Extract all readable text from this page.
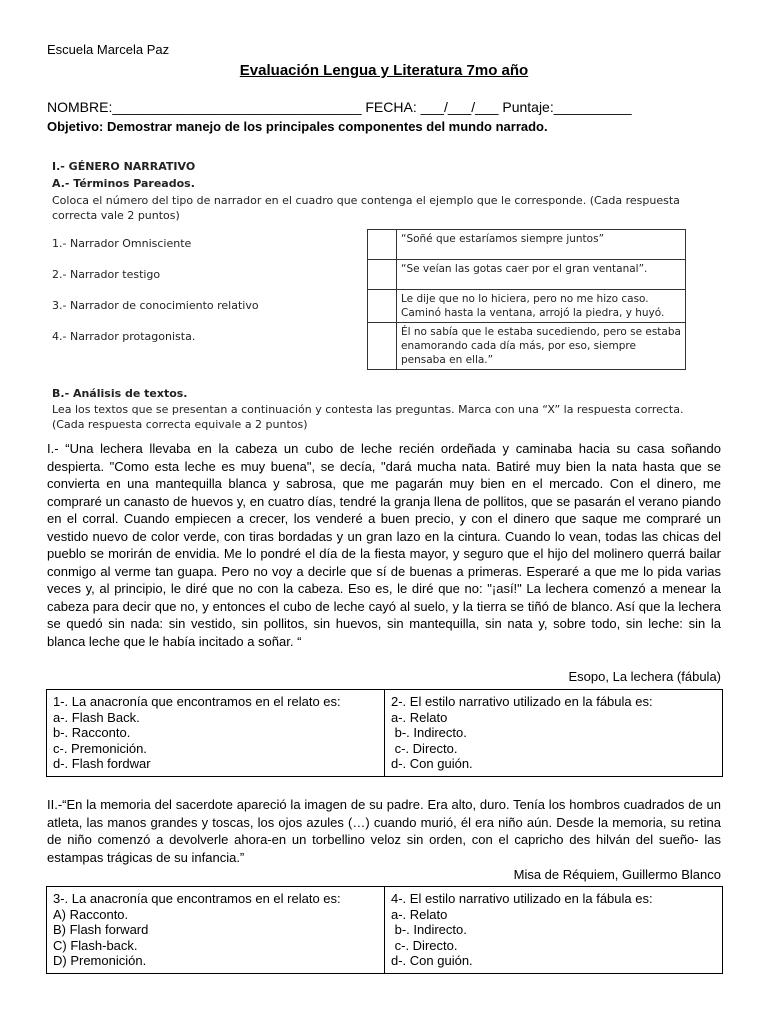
Escuela Marcela Paz
Evaluación Lengua y Literatura 7mo año
NOMBRE:________________________________ FECHA: ___/___/___ Puntaje:__________
Objetivo: Demostrar manejo de los principales componentes del mundo narrado.
I.- GÉNERO NARRATIVO
A.- Términos Pareados.
Coloca el número del tipo de narrador en el cuadro que contenga el ejemplo que le corresponde. (Cada respuesta correcta vale 2 puntos)
1.- Narrador Omnisciente
2.- Narrador testigo
3.- Narrador de conocimiento relativo
4.- Narrador protagonista.
	“Soñé que estaríamos siempre juntos”
	“Se veían las gotas caer por el gran ventanal”.
	Le dije que no lo hiciera, pero no me hizo caso. Caminó hasta la ventana, arrojó la piedra, y huyó.
	Él no sabía que le estaba sucediendo, pero se estaba enamorando cada día más, por eso, siempre pensaba en ella.”
B.- Análisis de textos.
Lea los textos que se presentan a continuación y contesta las preguntas. Marca con una “X” la respuesta correcta. (Cada respuesta correcta equivale a 2 puntos)
I.- “Una lechera llevaba en la cabeza un cubo de leche recién ordeñada y caminaba hacia su casa soñando despierta. "Como esta leche es muy buena", se decía, "dará mucha nata. Batiré muy bien la nata hasta que se convierta en una mantequilla blanca y sabrosa, que me pagarán muy bien en el mercado. Con el dinero, me compraré un canasto de huevos y, en cuatro días, tendré la granja llena de pollitos, que se pasarán el verano piando en el corral. Cuando empiecen a crecer, los venderé a buen precio, y con el dinero que saque me compraré un vestido nuevo de color verde, con tiras bordadas y un gran lazo en la cintura. Cuando lo vean, todas las chicas del pueblo se morirán de envidia. Me lo pondré el día de la fiesta mayor, y seguro que el hijo del molinero querrá bailar conmigo al verme tan guapa. Pero no voy a decirle que sí de buenas a primeras. Esperaré a que me lo pida varias veces y, al principio, le diré que no con la cabeza. Eso es, le diré que no: "¡así!" La lechera comenzó a menear la cabeza para decir que no, y entonces el cubo de leche cayó al suelo, y la tierra se tiñó de blanco. Así que la lechera se quedó sin nada: sin vestido, sin pollitos, sin huevos, sin mantequilla, sin nata y, sobre todo, sin leche: sin la blanca leche que le había incitado a soñar. “
Esopo, La lechera (fábula)
1-. La anacronía que encontramos en el relato es:
a-. Flash Back.
b-. Racconto.
c-. Premonición.
d-. Flash fordwar

2-. El estilo narrativo utilizado en la fábula es:
a-. Relato
b-. Indirecto.
c-. Directo.
d-. Con guión.
II.-“En la memoria del sacerdote apareció la imagen de su padre. Era alto, duro. Tenía los hombros cuadrados de un atleta, las manos grandes y toscas, los ojos azules (…) cuando murió, él era niño aún. Desde la memoria, su retina de niño comenzó a devolverle ahora-en un torbellino veloz sin orden, con el capricho des hilván del sueño- las estampas trágicas de su infancia.”
Misa de Réquiem, Guillermo Blanco
3-. La anacronía que encontramos en el relato es:
A) Racconto.
B) Flash forward
C) Flash-back.
D) Premonición.

4-. El estilo narrativo utilizado en la fábula es:
a-. Relato
b-. Indirecto.
c-. Directo.
d-. Con guión.
